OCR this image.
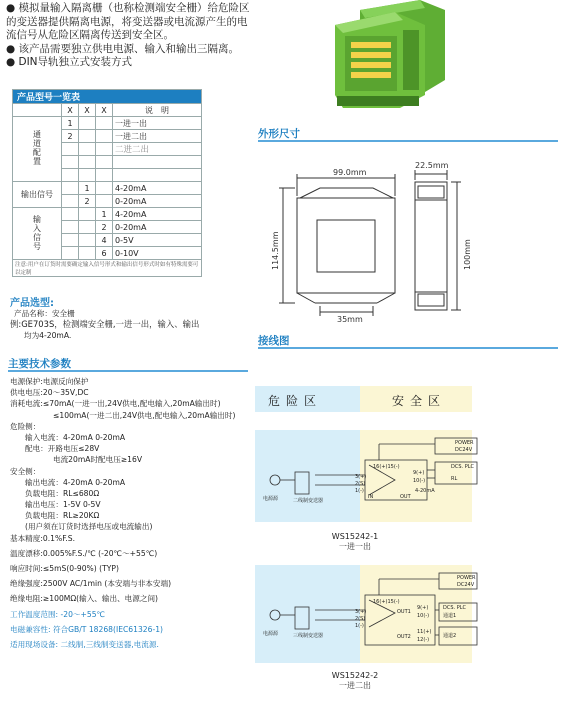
● 模拟量输入隔离栅（也称检测端安全栅）给危险区
的变送器提供隔离电源，将变送器或电流源产生的电
流信号从危险区隔离传送到安全区。
● 该产品需要独立供电电源、输入和输出三隔离。
● DIN导轨独立式安装方式
产品型号一览表				
	X	X	X	说　明
通道配置	1			一进一出
	2			一进二出
				二进二出

输出信号		1		4-20mA
		2		0-20mA
输入信号			1	4-20mA
			2	0-20mA
			4	0-5V
			6	0-10V
注意:用户在订货时需要确定输入信号形式和输出信号形式时如有特殊需要可以定制				
产品选型:
产品名称：安全栅
例:GE703S，检测端安全栅,一进一出，输入、输出
均为4-20mA.
主要技术参数
电源保护:电源反向保护
供电电压:20～35V,DC
消耗电流:≤70mA(一进一出,24V供电,配电输入,20mA输出时)
≤100mA(一进二出,24V供电,配电输入,20mA输出时)
危险侧：
输入电流：4-20mA 0-20mA
配电：开路电压≤28V
电流20mA时配电压≥16V
安全侧：
输出电流：4-20mA 0-20mA
负载电阻：RL≤680Ω
输出电压：1-5V 0-5V
负载电阻：RL≥20KΩ
(用户须在订货时选择电压或电流输出)
基本精度:0.1%F.S.
温度漂移:0.005%F.S./℃ (-20℃～+55℃)
响应时间:≤5mS(0-90%) (TYP)
绝缘强度:2500V AC/1min (本安端与非本安端)
绝缘电阻:≥100MΩ(输入、输出、电源之间)
工作温度范围: -20～+55℃
电磁兼容性: 符合GB/T 18268(IEC61326-1)
适用现场设备: 二线制,三线制变送器,电流源.
外形尺寸
99.0mm
114.5mm
35mm
22.5mm
100mm
接线图
危险区	安全区
16(+)15(-)
3(+)
2(S)
1(-)
IN	OUT
9(+)
10(-)
POWER
DC24V
DCS. PLC
RL
4-20mA
电源源	二线制变送器
WS15242-1
一进一出
16(+)15(-)
3(+)
2(S)
1(-)
OUT1
OUT2
9(+)
10(-)
11(+)
12(-)
POWER
DC24V
DCS. PLC
通道1
通道2
电源源	三线制变送器
WS15242-2
一进二出
